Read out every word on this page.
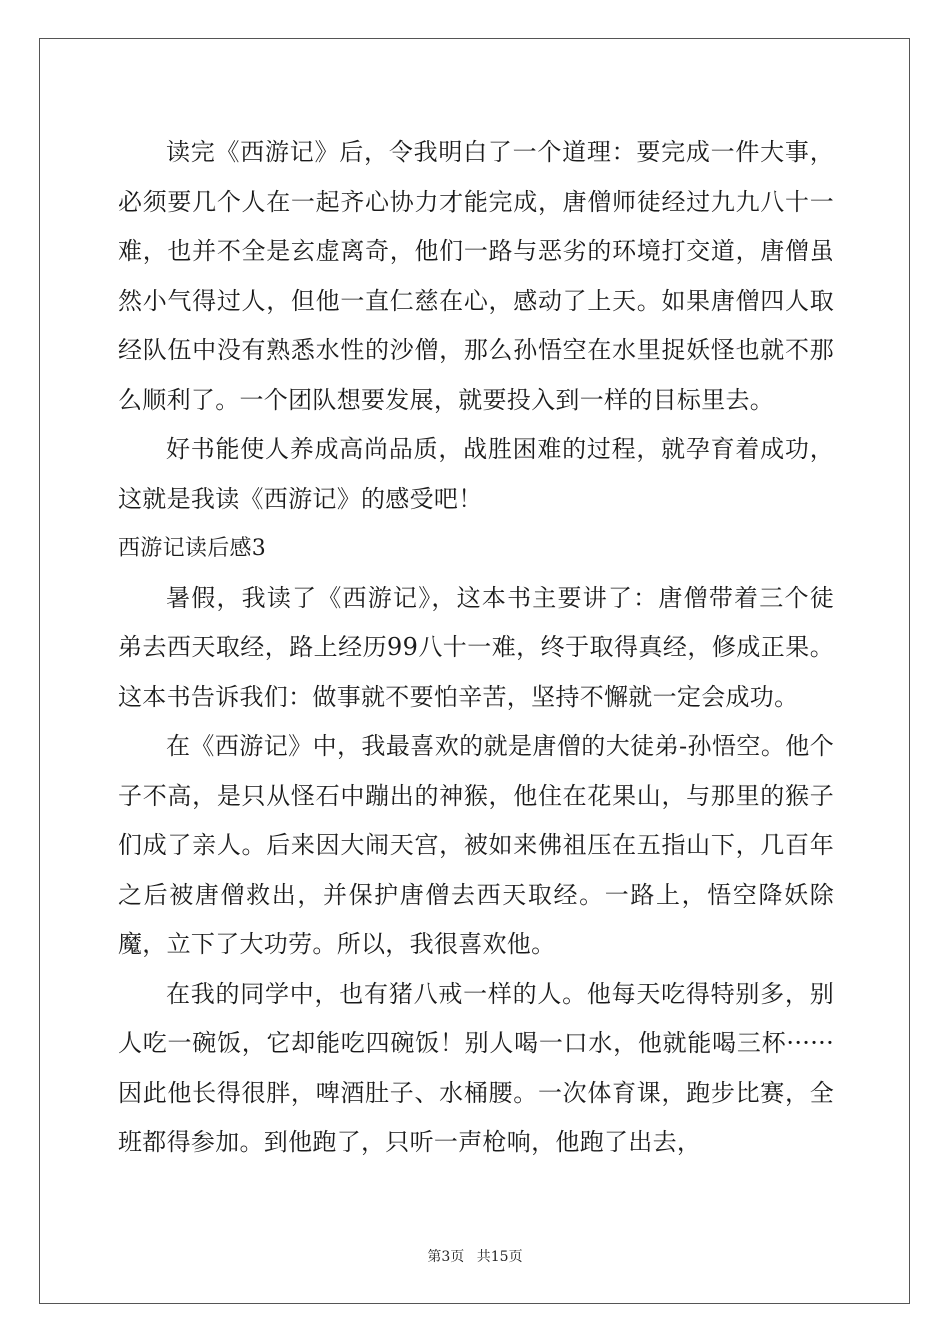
读完《西游记》后，令我明白了一个道理：要完成一件大事，必须要几个人在一起齐心协力才能完成，唐僧师徒经过九九八十一难，也并不全是玄虚离奇，他们一路与恶劣的环境打交道，唐僧虽然小气得过人，但他一直仁慈在心，感动了上天。如果唐僧四人取经队伍中没有熟悉水性的沙僧，那么孙悟空在水里捉妖怪也就不那么顺利了。一个团队想要发展，就要投入到一样的目标里去。

好书能使人养成高尚品质，战胜困难的过程，就孕育着成功，这就是我读《西游记》的感受吧！

西游记读后感3

暑假，我读了《西游记》，这本书主要讲了：唐僧带着三个徒弟去西天取经，路上经历99八十一难，终于取得真经，修成正果。这本书告诉我们：做事就不要怕辛苦，坚持不懈就一定会成功。

在《西游记》中，我最喜欢的就是唐僧的大徒弟-孙悟空。他个子不高，是只从怪石中蹦出的神猴，他住在花果山，与那里的猴子们成了亲人。后来因大闹天宫，被如来佛祖压在五指山下，几百年之后被唐僧救出，并保护唐僧去西天取经。一路上，悟空降妖除魔，立下了大功劳。所以，我很喜欢他。

在我的同学中，也有猪八戒一样的人。他每天吃得特别多，别人吃一碗饭，它却能吃四碗饭！别人喝一口水，他就能喝三杯······因此他长得很胖，啤酒肚子、水桶腰。一次体育课，跑步比赛，全班都得参加。到他跑了，只听一声枪响，他跑了出去，

第3页 共15页
